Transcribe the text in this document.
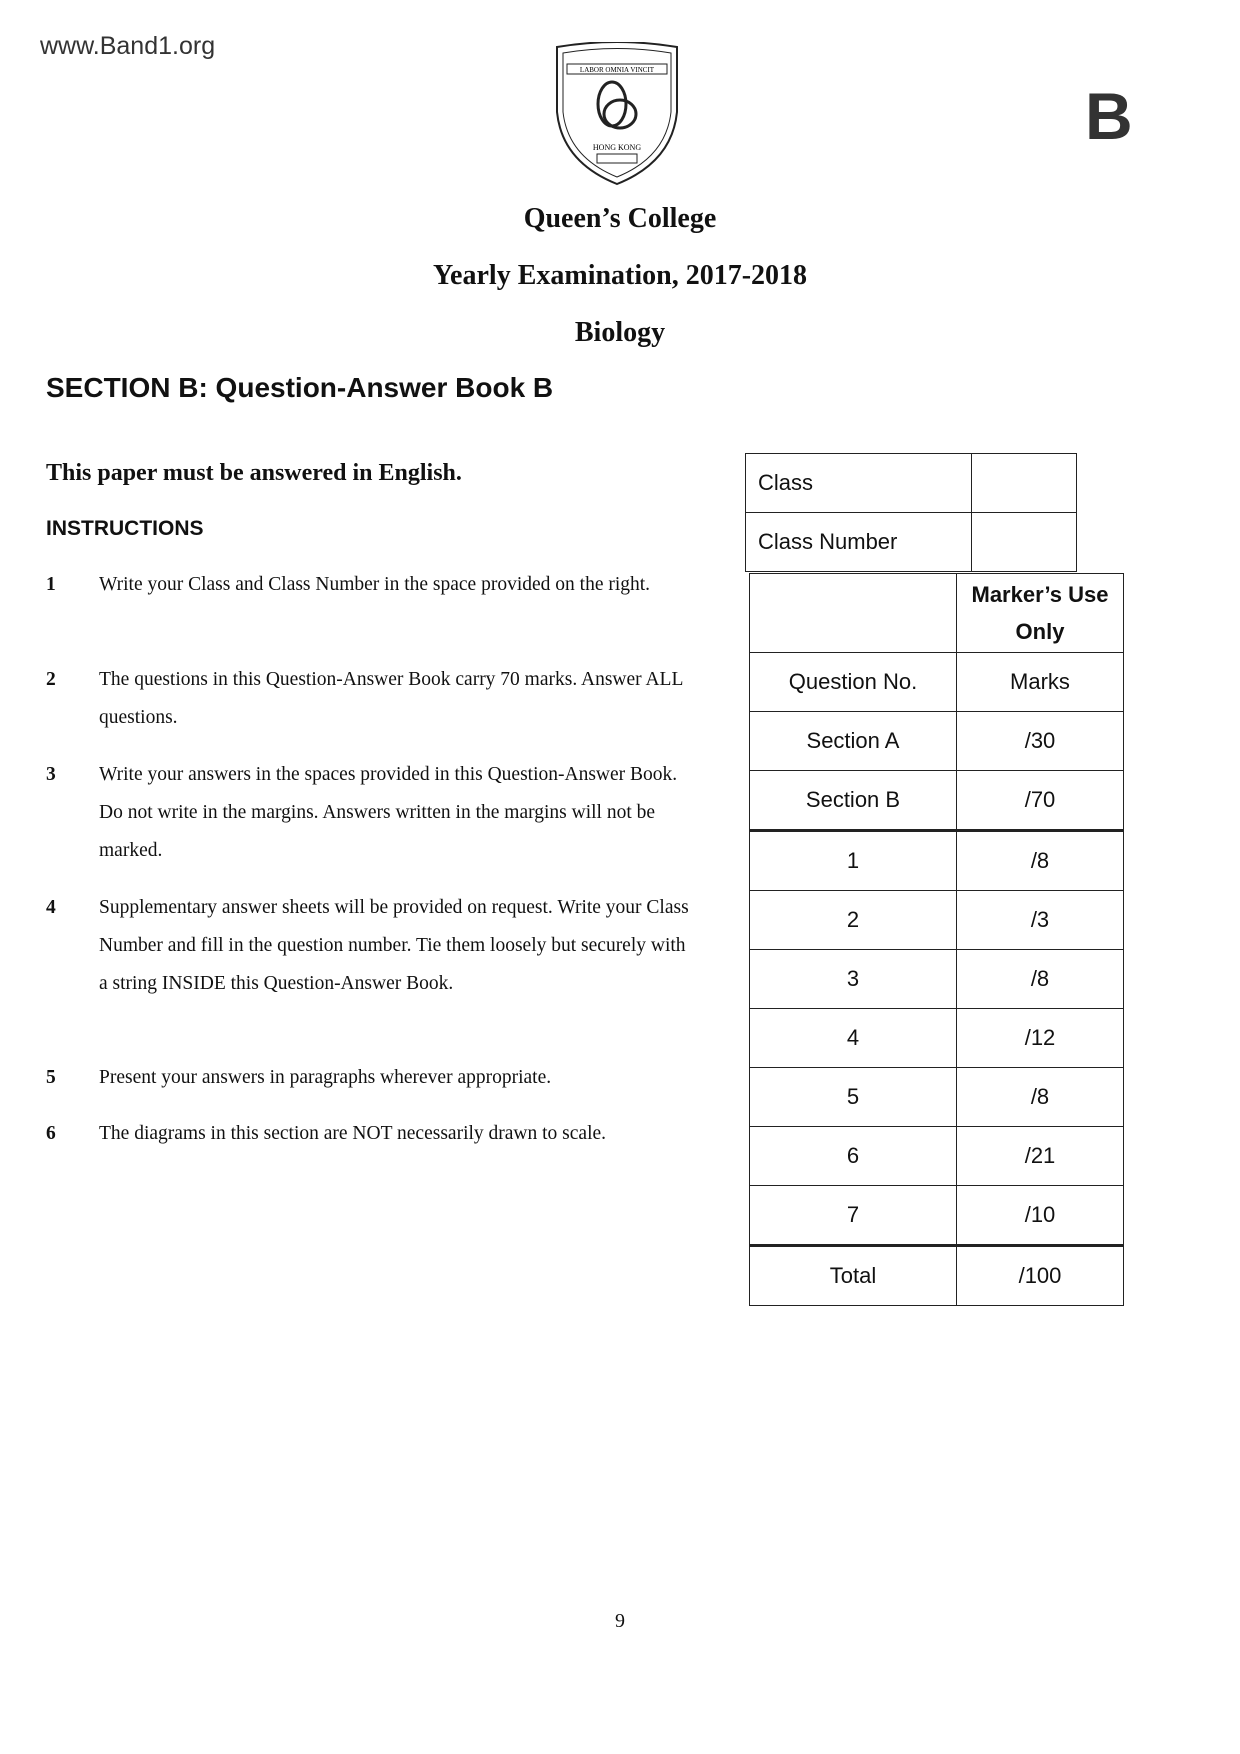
www.Band1.org
LABOR OMNIA VINCIT
HONG KONG	B
Queen’s College
Yearly Examination, 2017-2018
Biology
SECTION B: Question-Answer Book B
This paper must be answered in English.
INSTRUCTIONS
1 Write your Class and Class Number in the space provided on the right.
2 The questions in this Question-Answer Book carry 70 marks. Answer ALL questions.
3 Write your answers in the spaces provided in this Question-Answer Book. Do not write in the margins. Answers written in the margins will not be marked.
4 Supplementary answer sheets will be provided on request. Write your Class Number and fill in the question number. Tie them loosely but securely with a string INSIDE this Question-Answer Book.
5 Present your answers in paragraphs wherever appropriate.
6 The diagrams in this section are NOT necessarily drawn to scale.
Class	
Class Number	
	Marker’s Use Only
Question No.	Marks
Section A	/30
Section B	/70
1	/8
2	/3
3	/8
4	/12
5	/8
6	/21
7	/10
Total	/100
9
